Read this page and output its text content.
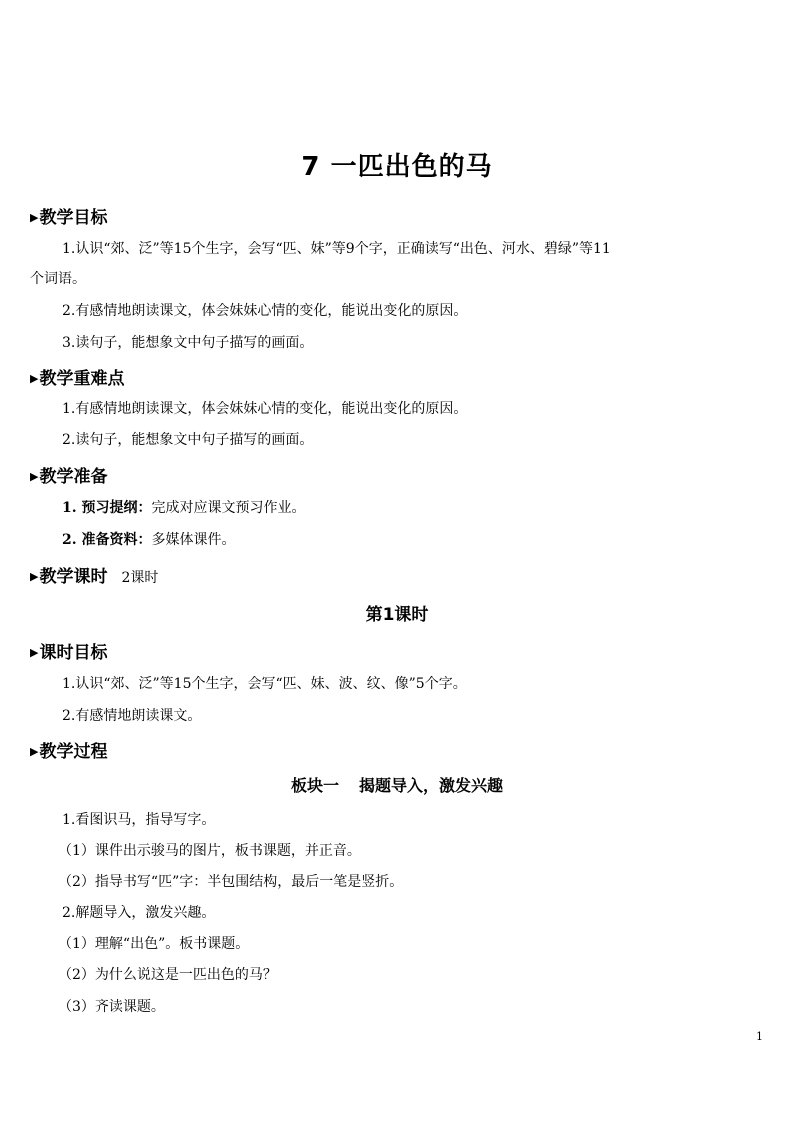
7 一匹出色的马
▶教学目标
1.认识“郊、泛”等15个生字，会写“匹、妹”等9个字，正确读写“出色、河水、碧绿”等11
个词语。
2.有感情地朗读课文，体会妹妹心情的变化，能说出变化的原因。
3.读句子，能想象文中句子描写的画面。
▶教学重难点
1.有感情地朗读课文，体会妹妹心情的变化，能说出变化的原因。
2.读句子，能想象文中句子描写的画面。
▶教学准备
1. 预习提纲：完成对应课文预习作业。
2. 准备资料：多媒体课件。
▶教学课时 2课时
第1课时
▶课时目标
1.认识“郊、泛”等15个生字，会写“匹、妹、波、纹、像”5个字。
2.有感情地朗读课文。
▶教学过程
板块一 揭题导入，激发兴趣
1.看图识马，指导写字。
（1）课件出示骏马的图片，板书课题，并正音。
（2）指导书写“匹”字：半包围结构，最后一笔是竖折。
2.解题导入，激发兴趣。
（1）理解“出色”。板书课题。
（2）为什么说这是一匹出色的马？
（3）齐读课题。
1
